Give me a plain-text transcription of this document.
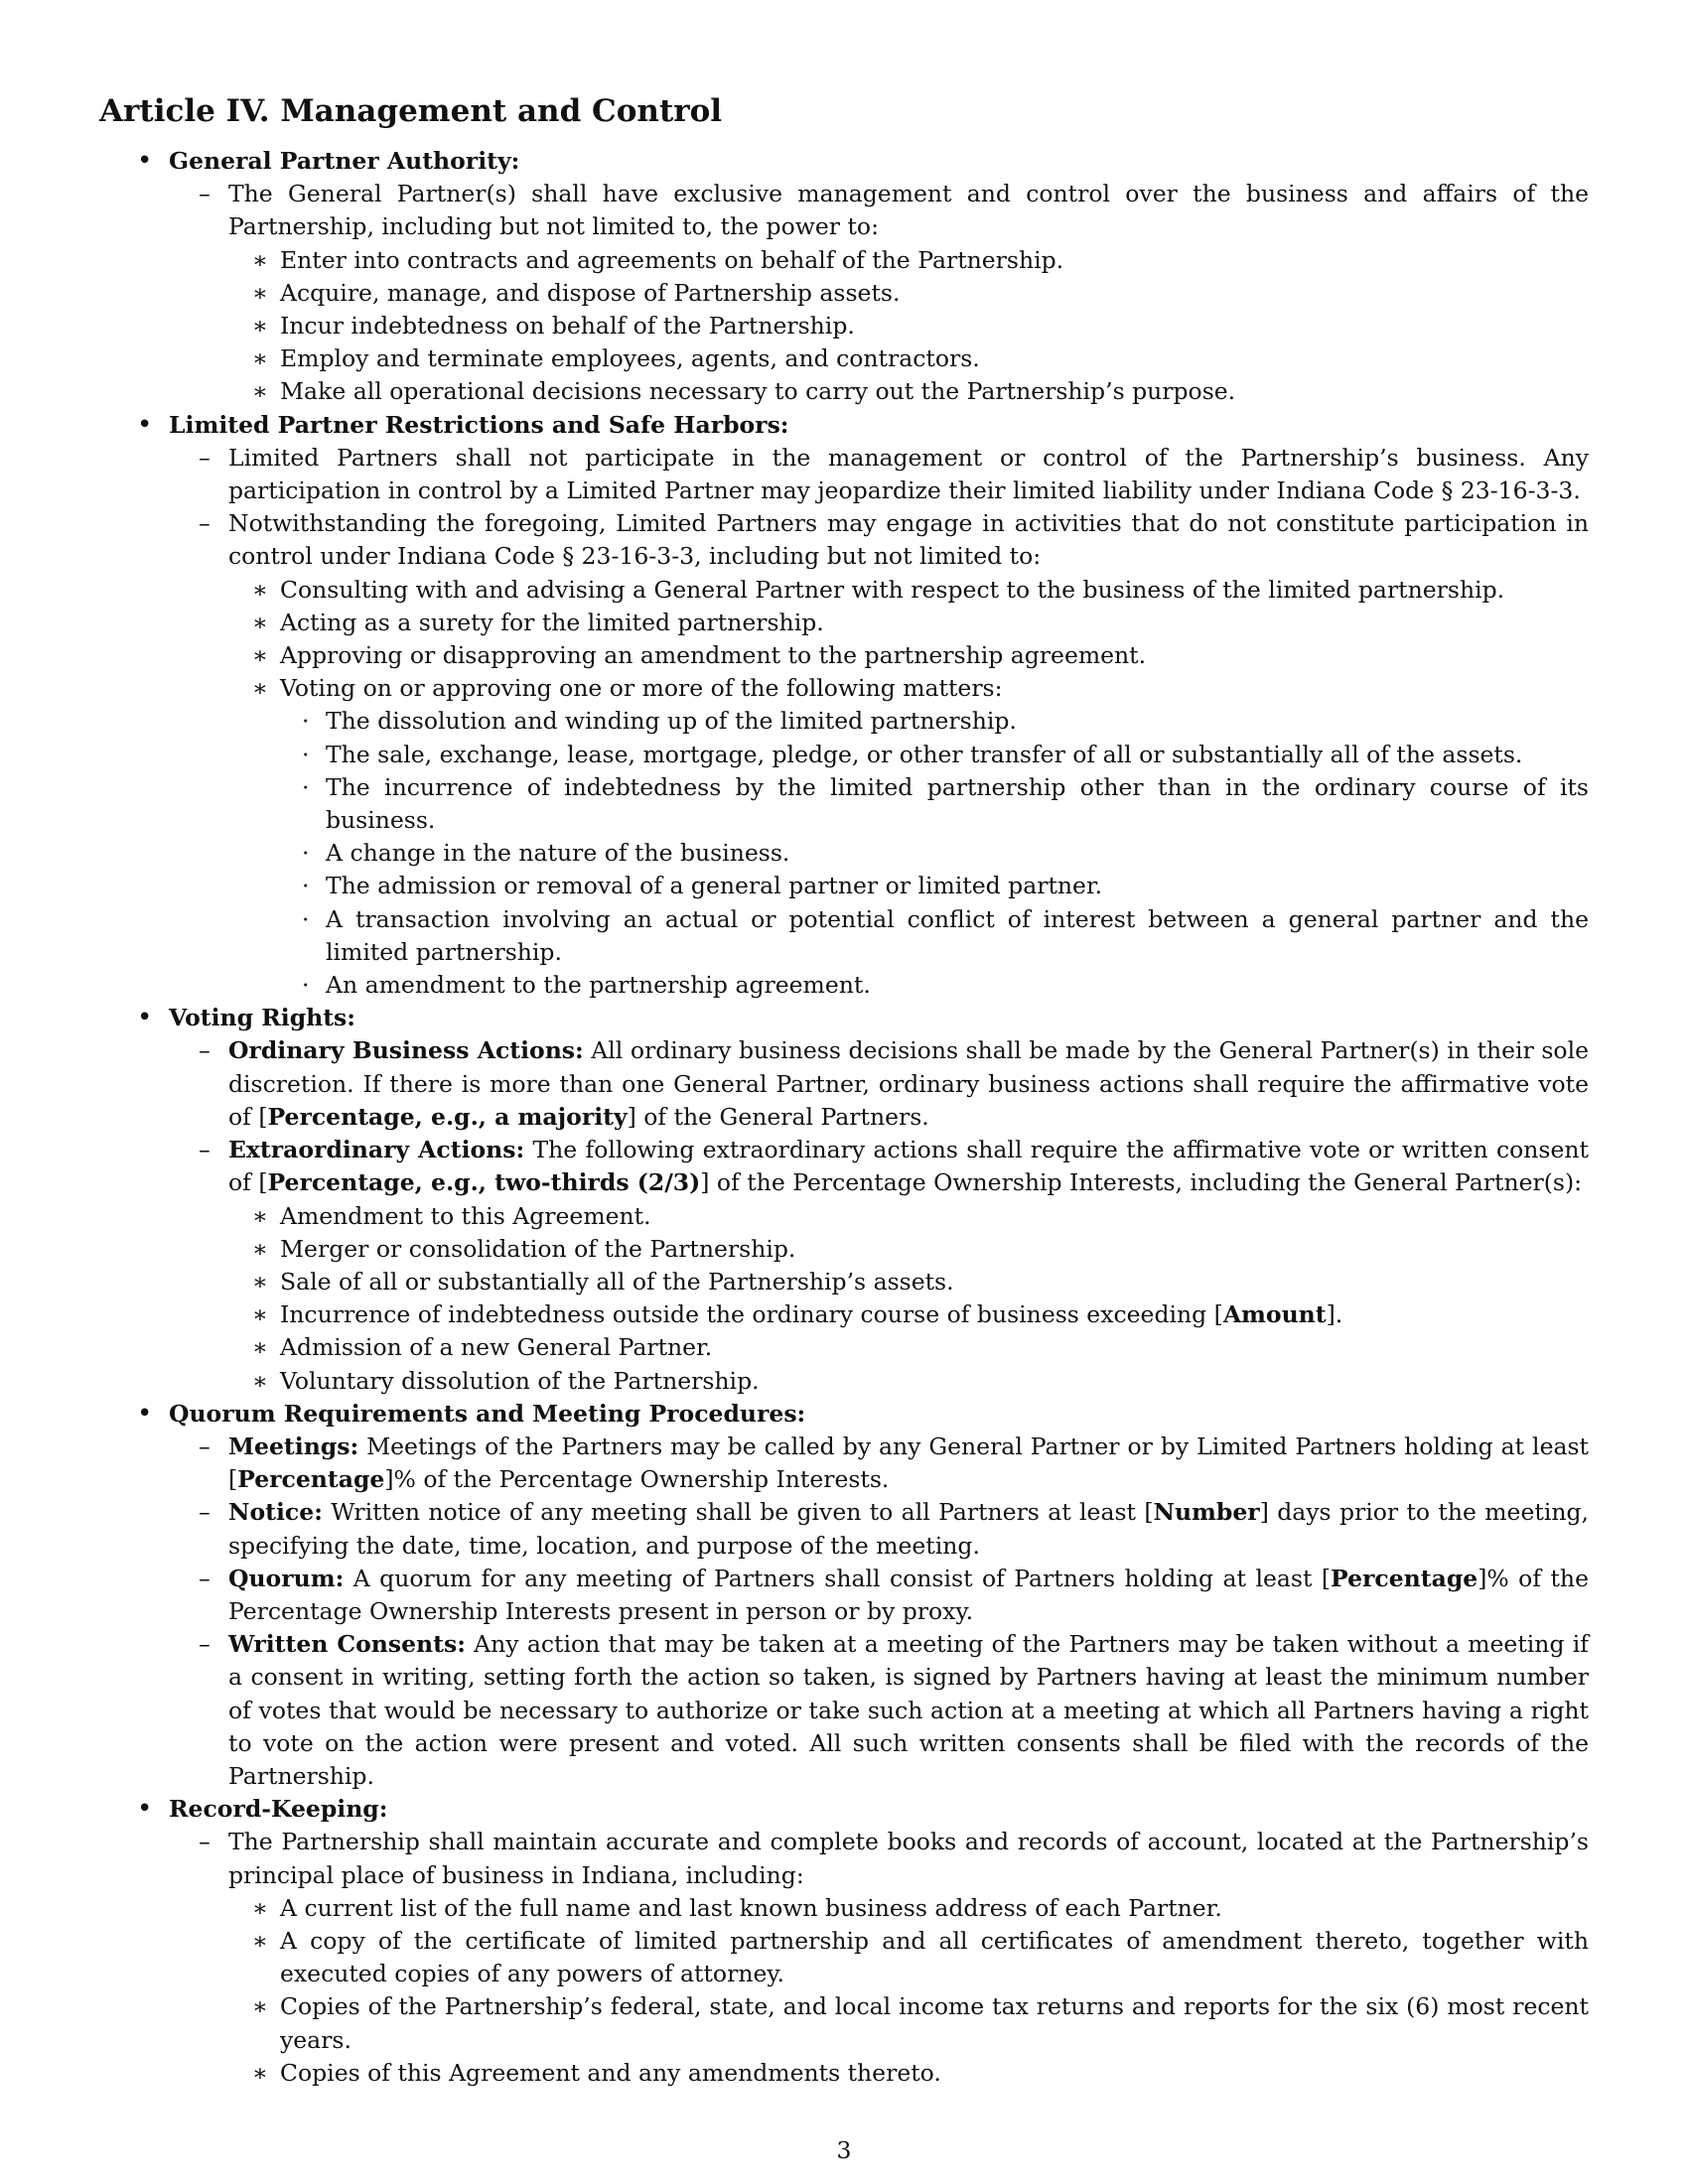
Article IV. Management and Control
• General Partner Authority:
– The General Partner(s) shall have exclusive management and control over the business and affairs of the Partnership, including but not limited to, the power to:
∗ Enter into contracts and agreements on behalf of the Partnership.
∗ Acquire, manage, and dispose of Partnership assets.
∗ Incur indebtedness on behalf of the Partnership.
∗ Employ and terminate employees, agents, and contractors.
∗ Make all operational decisions necessary to carry out the Partnership’s purpose.
• Limited Partner Restrictions and Safe Harbors:
– Limited Partners shall not participate in the management or control of the Partnership’s business. Any participation in control by a Limited Partner may jeopardize their limited liability under Indiana Code § 23-16-3-3.
– Notwithstanding the foregoing, Limited Partners may engage in activities that do not constitute participation in control under Indiana Code § 23-16-3-3, including but not limited to:
∗ Consulting with and advising a General Partner with respect to the business of the limited partnership.
∗ Acting as a surety for the limited partnership.
∗ Approving or disapproving an amendment to the partnership agreement.
∗ Voting on or approving one or more of the following matters:
· The dissolution and winding up of the limited partnership.
· The sale, exchange, lease, mortgage, pledge, or other transfer of all or substantially all of the assets.
· The incurrence of indebtedness by the limited partnership other than in the ordinary course of its business.
· A change in the nature of the business.
· The admission or removal of a general partner or limited partner.
· A transaction involving an actual or potential conflict of interest between a general partner and the limited partnership.
· An amendment to the partnership agreement.
• Voting Rights:
– Ordinary Business Actions: All ordinary business decisions shall be made by the General Partner(s) in their sole discretion. If there is more than one General Partner, ordinary business actions shall require the affirmative vote of [Percentage, e.g., a majority] of the General Partners.
– Extraordinary Actions: The following extraordinary actions shall require the affirmative vote or written consent of [Percentage, e.g., two-thirds (2/3)] of the Percentage Ownership Interests, including the General Partner(s):
∗ Amendment to this Agreement.
∗ Merger or consolidation of the Partnership.
∗ Sale of all or substantially all of the Partnership’s assets.
∗ Incurrence of indebtedness outside the ordinary course of business exceeding [Amount].
∗ Admission of a new General Partner.
∗ Voluntary dissolution of the Partnership.
• Quorum Requirements and Meeting Procedures:
– Meetings: Meetings of the Partners may be called by any General Partner or by Limited Partners holding at least [Percentage]% of the Percentage Ownership Interests.
– Notice: Written notice of any meeting shall be given to all Partners at least [Number] days prior to the meeting, specifying the date, time, location, and purpose of the meeting.
– Quorum: A quorum for any meeting of Partners shall consist of Partners holding at least [Percentage]% of the Percentage Ownership Interests present in person or by proxy.
– Written Consents: Any action that may be taken at a meeting of the Partners may be taken without a meeting if a consent in writing, setting forth the action so taken, is signed by Partners having at least the minimum number of votes that would be necessary to authorize or take such action at a meeting at which all Partners having a right to vote on the action were present and voted. All such written consents shall be filed with the records of the Partnership.
• Record-Keeping:
– The Partnership shall maintain accurate and complete books and records of account, located at the Partnership’s principal place of business in Indiana, including:
∗ A current list of the full name and last known business address of each Partner.
∗ A copy of the certificate of limited partnership and all certificates of amendment thereto, together with executed copies of any powers of attorney.
∗ Copies of the Partnership’s federal, state, and local income tax returns and reports for the six (6) most recent years.
∗ Copies of this Agreement and any amendments thereto.
3
